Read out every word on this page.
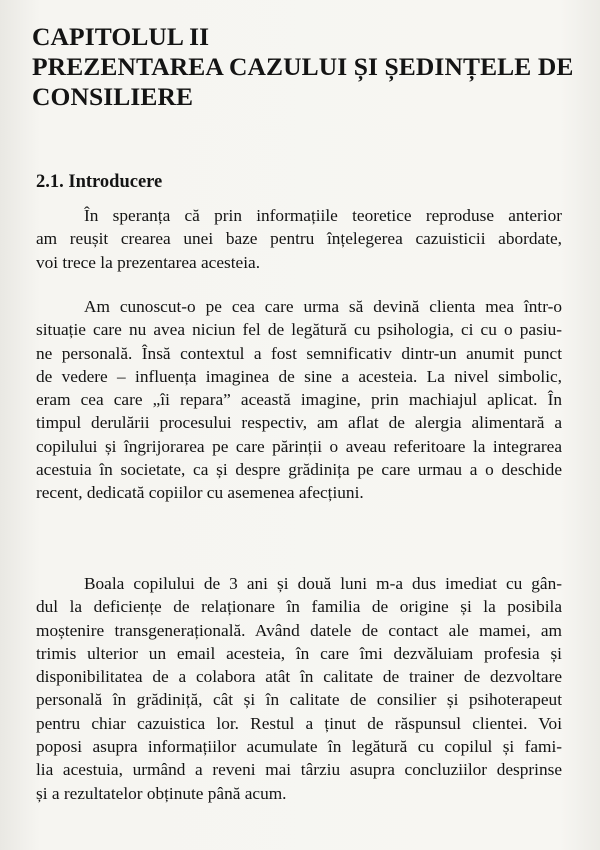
CAPITOLUL II
PREZENTAREA CAZULUI ȘI ȘEDINȚELE DE
CONSILIERE
2.1. Introducere
În speranța că prin informațiile teoretice reproduse anterior
am reușit crearea unei baze pentru înțelegerea cazuisticii abordate,
voi trece la prezentarea acesteia.
Am cunoscut-o pe cea care urma să devină clienta mea într-o
situație care nu avea niciun fel de legătură cu psihologia, ci cu o pasiu-
ne personală. Însă contextul a fost semnificativ dintr-un anumit punct
de vedere – influența imaginea de sine a acesteia. La nivel simbolic,
eram cea care „îi repara” această imagine, prin machiajul aplicat. În
timpul derulării procesului respectiv, am aflat de alergia alimentară a
copilului și îngrijorarea pe care părinții o aveau referitoare la integrarea
acestuia în societate, ca și despre grădinița pe care urmau a o deschide
recent, dedicată copiilor cu asemenea afecțiuni.
Boala copilului de 3 ani și două luni m-a dus imediat cu gân-
dul la deficiențe de relaționare în familia de origine și la posibila
moștenire transgenerațională. Având datele de contact ale mamei, am
trimis ulterior un email acesteia, în care îmi dezvăluiam profesia și
disponibilitatea de a colabora atât în calitate de trainer de dezvoltare
personală în grădiniță, cât și în calitate de consilier și psihoterapeut
pentru chiar cazuistica lor. Restul a ținut de răspunsul clientei. Voi
poposi asupra informațiilor acumulate în legătură cu copilul și fami-
lia acestuia, urmând a reveni mai târziu asupra concluziilor desprinse
și a rezultatelor obținute până acum.
